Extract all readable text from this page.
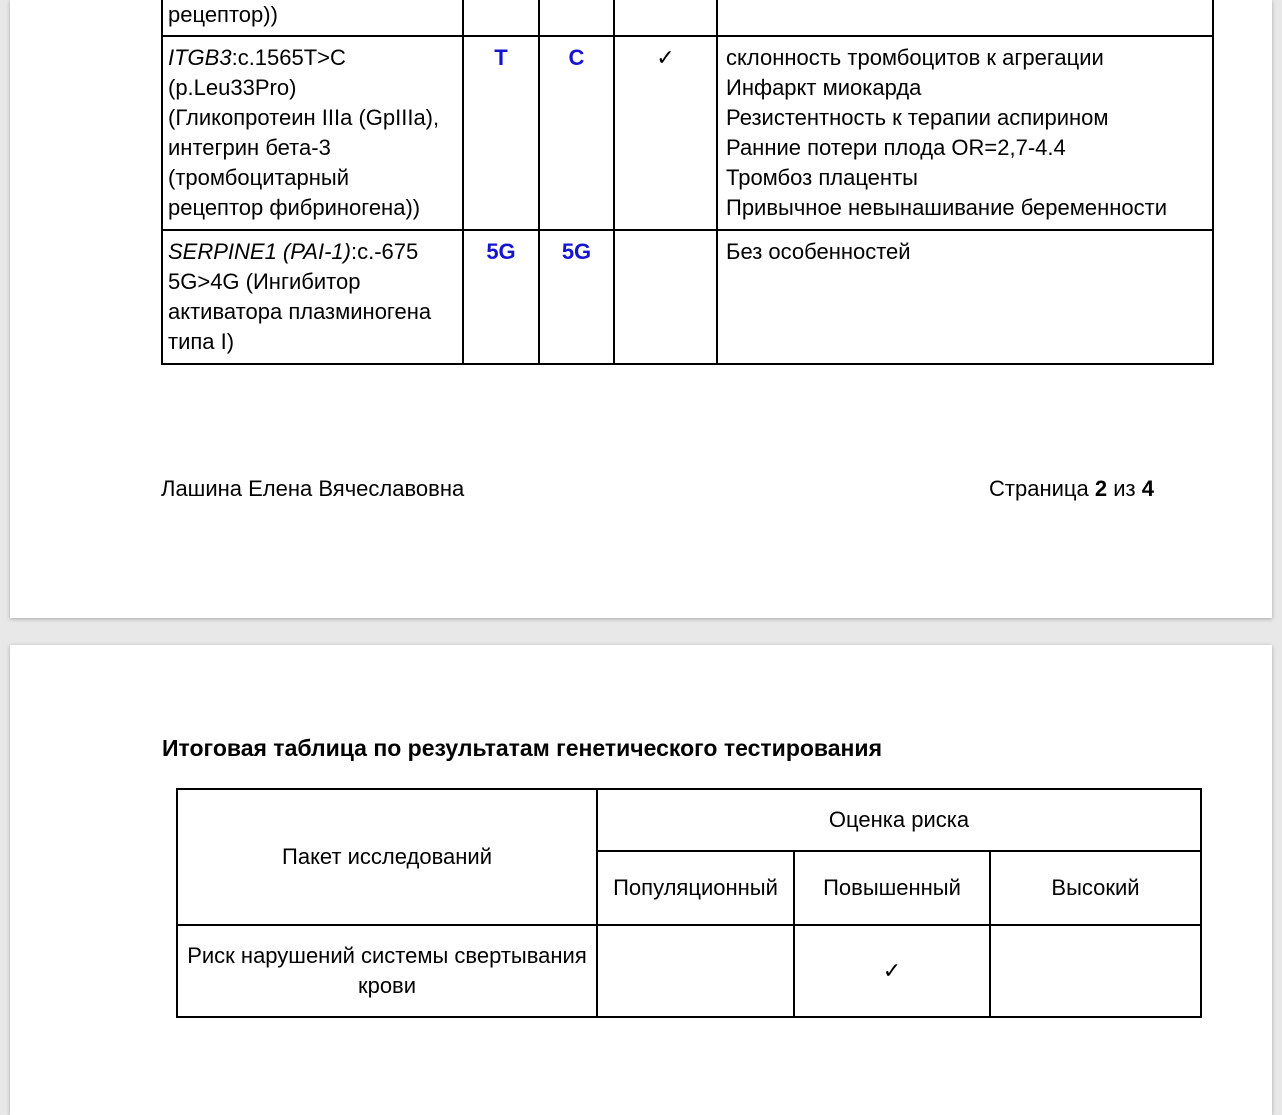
рецептор))				

ITGB3:c.1565T>C
(p.Leu33Pro)
(Гликопротеин IIIa (GpIIIa),
интегрин бета-3
(тромбоцитарный
рецептор фибриногена))
	T	C	✓	склонность тромбоцитов к агрегации
Инфаркт миокарда
Резистентность к терапии аспирином
Ранние потери плода OR=2,7-4.4
Тромбоз плаценты
Привычное невынашивание беременности

SERPINE1 (PAI-1):c.-675
5G>4G (Ингибитор
активатора плазминогена
типа I)	5G	5G		Без особенностей
Лашина Елена Вячеславовна	Страница 2 из 4
Итоговая таблица по результатам генетического тестирования
Пакет исследований	Оценка риска		
	Популяционный	Повышенный	Высокий
Риск нарушений системы свертывания крови		✓	
